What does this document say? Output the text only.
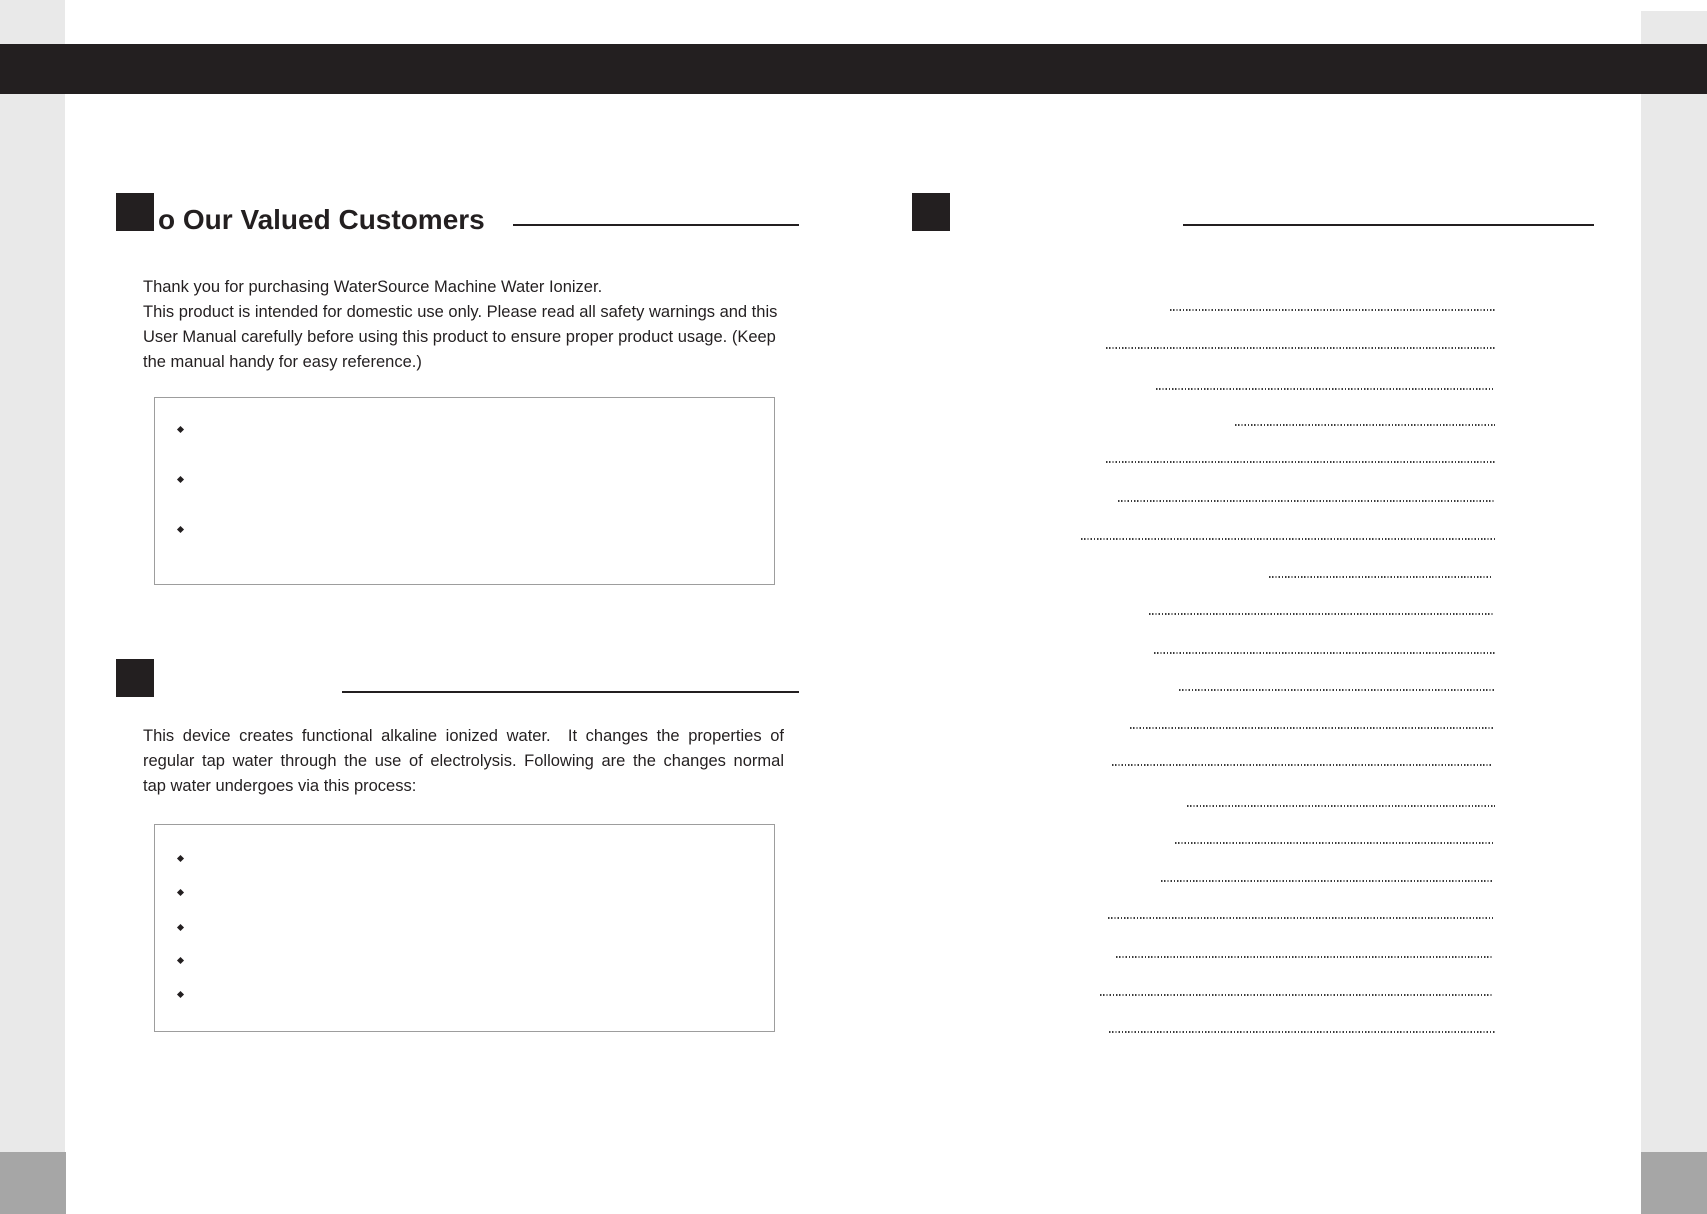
o Our Valued Customers
Thank you for purchasing WaterSource Machine Water Ionizer.
This product is intended for domestic use only. Please read all safety warnings and this
User Manual carefully before using this product to ensure proper product usage. (Keep
the manual handy for easy reference.)
This device creates functional alkaline ionized water.  It changes the properties of
regular tap water through the use of electrolysis. Following are the changes normal
tap water undergoes via this process:
